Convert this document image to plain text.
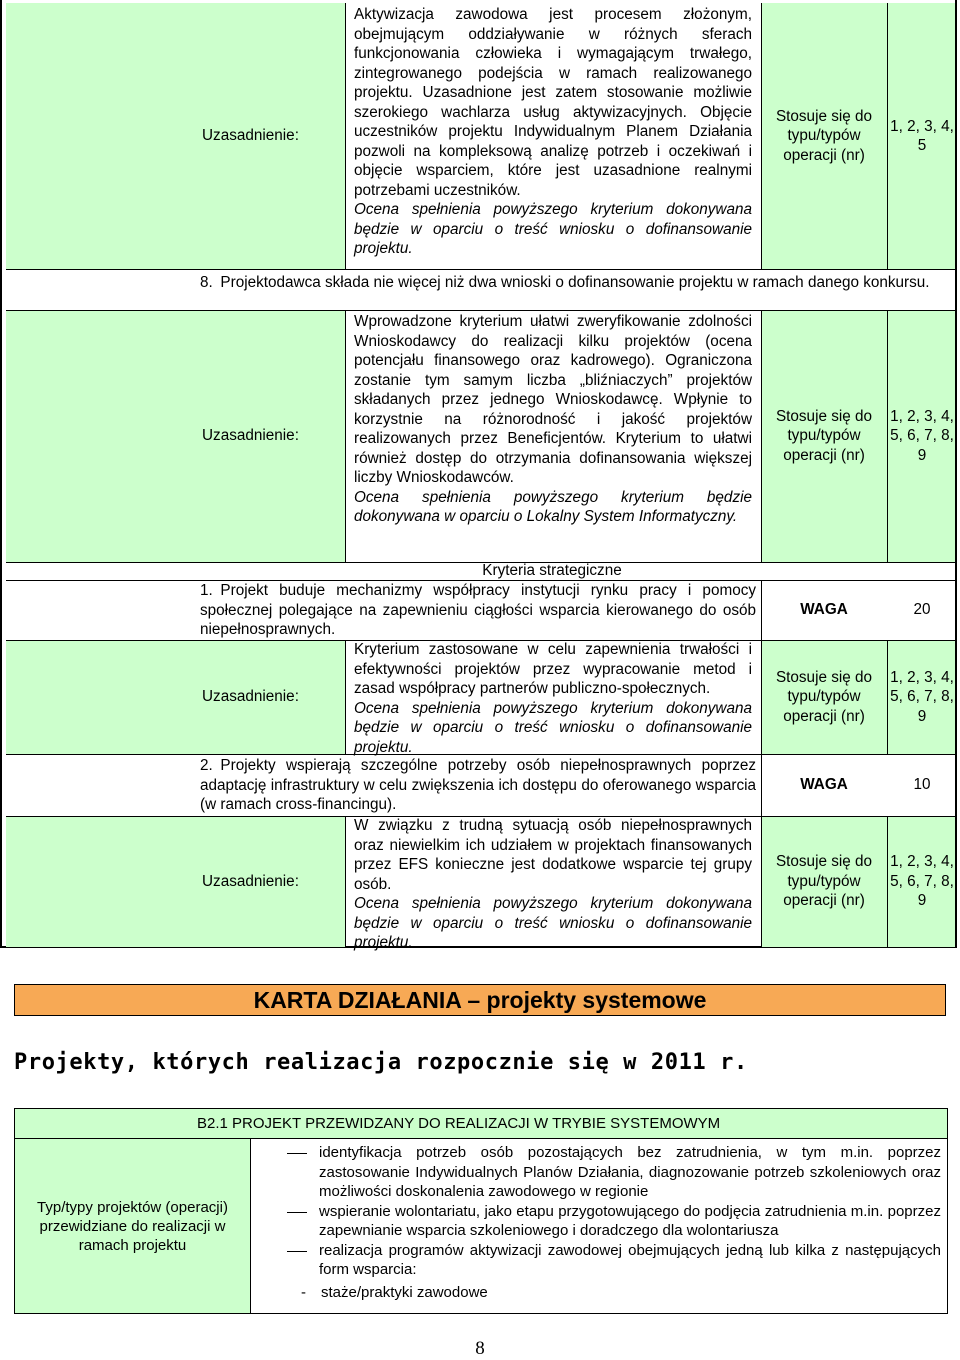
Uzasadnienie:

Aktywizacja zawodowa jest procesem złożonym, obejmującym oddziaływanie w różnych sferach funkcjonowania człowieka i wymagającym trwałego, zintegrowanego podejścia w ramach realizowanego projektu. Uzasadnione jest zatem stosowanie możliwie szerokiego wachlarza usług aktywizacyjnych. Objęcie uczestników projektu Indywidualnym Planem Działania pozwoli na kompleksową analizę potrzeb i oczekiwań i objęcie wsparciem, które jest uzasadnione realnymi potrzebami uczestników.

Ocena spełnienia powyższego kryterium dokonywana będzie w oparciu o treść wniosku o dofinansowanie projektu.

Stosuje się do typu/typów operacji (nr)
1, 2, 3, 4, 5
8. Projektodawca składa nie więcej niż dwa wnioski o dofinansowanie projektu w ramach danego konkursu.
Uzasadnienie:

Wprowadzone kryterium ułatwi zweryfikowanie zdolności Wnioskodawcy do realizacji kilku projektów (ocena potencjału finansowego oraz kadrowego). Ograniczona zostanie tym samym liczba „bliźniaczych” projektów składanych przez jednego Wnioskodawcę. Wpłynie to korzystnie na różnorodność i jakość projektów realizowanych przez Beneficjentów. Kryterium to ułatwi również dostęp do otrzymania dofinansowania większej liczby Wnioskodawców.

Ocena spełnienia powyższego kryterium będzie dokonywana w oparciu o Lokalny System Informatyczny.

Stosuje się do typu/typów operacji (nr)
1, 2, 3, 4, 5, 6, 7, 8, 9
Kryteria strategiczne
1. Projekt buduje mechanizmy współpracy instytucji rynku pracy i pomocy społecznej polegające na zapewnieniu ciągłości wsparcia kierowanego do osób niepełnosprawnych.
WAGA	20
Uzasadnienie:

Kryterium zastosowane w celu zapewnienia trwałości i efektywności projektów przez wypracowanie metod i zasad współpracy partnerów publiczno-społecznych.

Ocena spełnienia powyższego kryterium dokonywana będzie w oparciu o treść wniosku o dofinansowanie projektu.

Stosuje się do typu/typów operacji (nr)
1, 2, 3, 4, 5, 6, 7, 8, 9
2. Projekty wspierają szczególne potrzeby osób niepełnosprawnych poprzez adaptację infrastruktury w celu zwiększenia ich dostępu do oferowanego wsparcia (w ramach cross-financingu).
WAGA	10
Uzasadnienie:

W związku z trudną sytuacją osób niepełnosprawnych oraz niewielkim ich udziałem w projektach finansowanych przez EFS konieczne jest dodatkowe wsparcie tej grupy osób.

Ocena spełnienia powyższego kryterium dokonywana będzie w oparciu o treść wniosku o dofinansowanie projektu.

Stosuje się do typu/typów operacji (nr)
1, 2, 3, 4, 5, 6, 7, 8, 9
KARTA DZIAŁANIA – projekty systemowe
Projekty, których realizacja rozpocznie się w 2011 r.
B2.1 PROJEKT PRZEWIDZANY DO REALIZACJI W TRYBIE SYSTEMOWYM
Typ/typy projektów (operacji) przewidziane do realizacji w ramach projektu
identyfikacja potrzeb osób pozostających bez zatrudnienia, w tym m.in. poprzez zastosowanie Indywidualnych Planów Działania, diagnozowanie potrzeb szkoleniowych oraz możliwości doskonalenia zawodowego w regionie
wspieranie wolontariatu, jako etapu przygotowującego do podjęcia zatrudnienia m.in. poprzez zapewnianie wsparcia szkoleniowego i doradczego dla wolontariusza
realizacja programów aktywizacji zawodowej obejmujących jedną lub kilka z następujących form wsparcia:
-  staże/praktyki zawodowe
8
